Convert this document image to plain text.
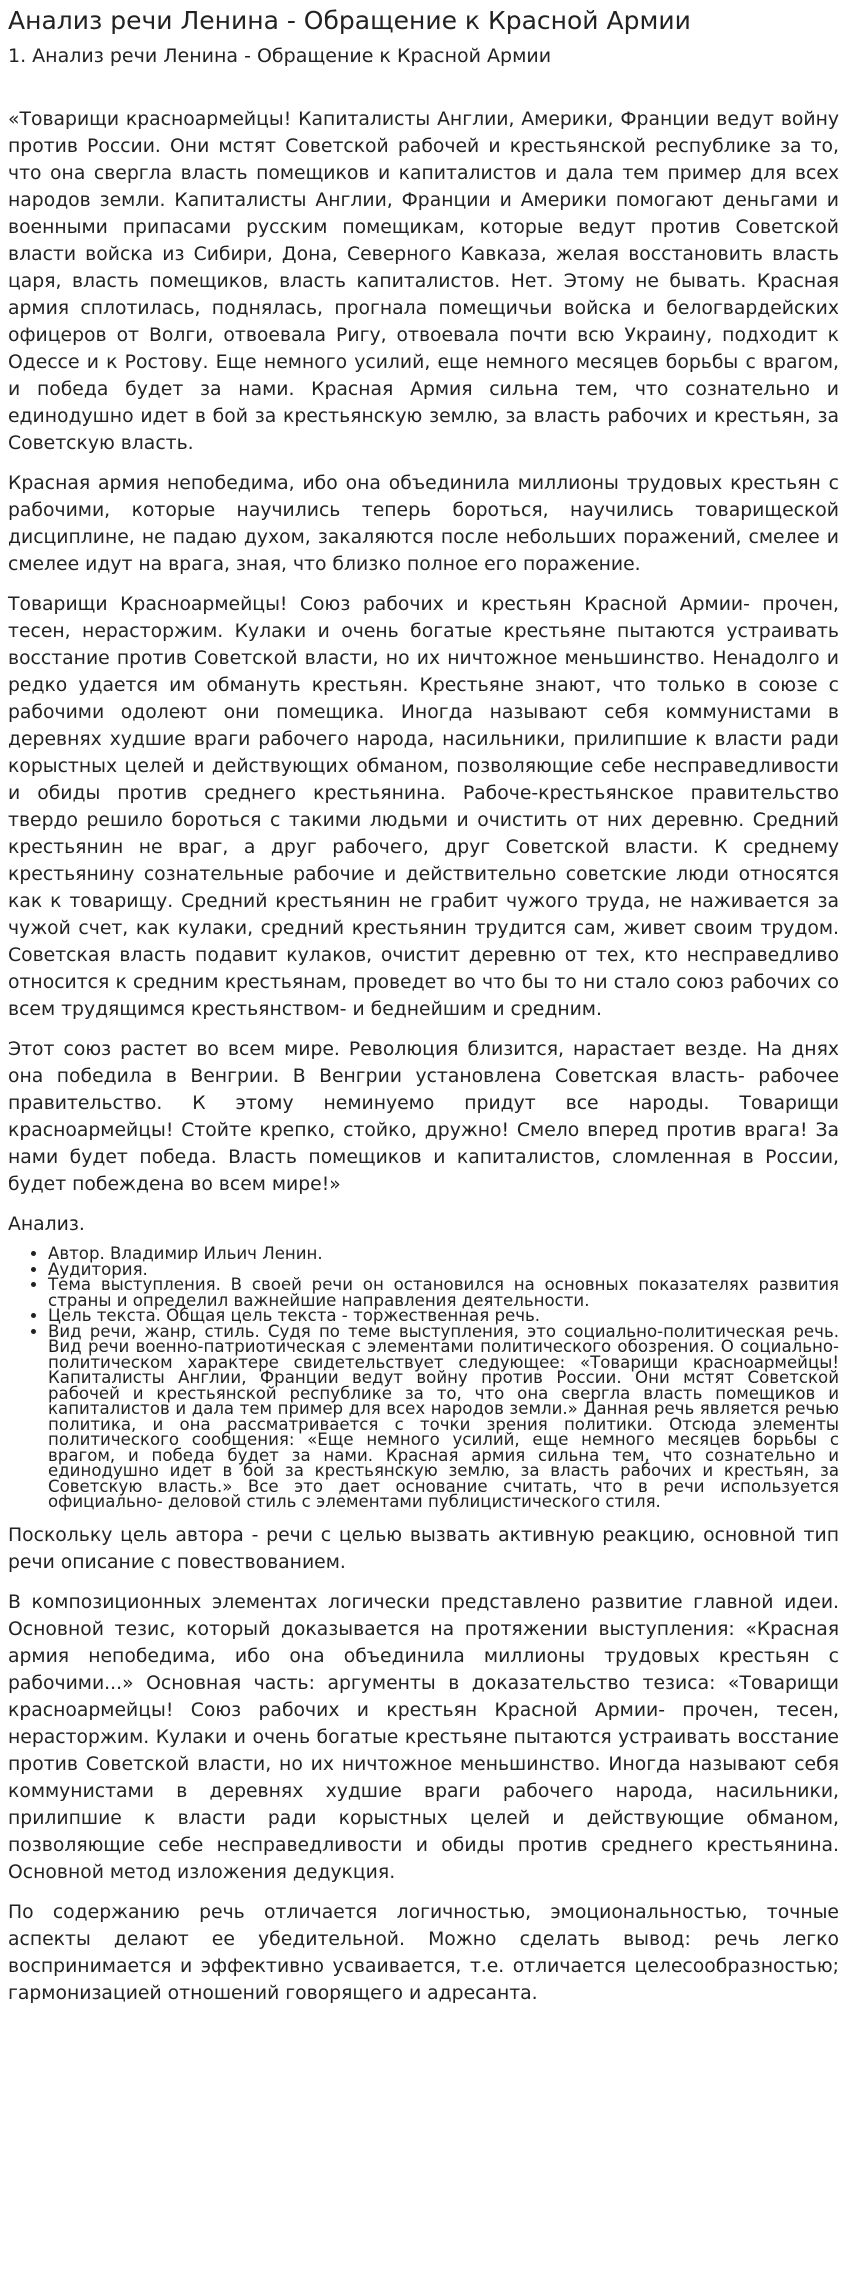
Анализ речи Ленина - Обращение к Красной Армии
1. Анализ речи Ленина - Обращение к Красной Армии

«Товарищи красноармейцы! Капиталисты Англии, Америки, Франции ведут войну против России. Они мстят Советской рабочей и крестьянской республике за то, что она свергла власть помещиков и капиталистов и дала тем пример для всех народов земли. Капиталисты Англии, Франции и Америки помогают деньгами и военными припасами русским помещикам, которые ведут против Советской власти войска из Сибири, Дона, Северного Кавказа, желая восстановить власть царя, власть помещиков, власть капиталистов. Нет. Этому не бывать. Красная армия сплотилась, поднялась, прогнала помещичьи войска и белогвардейских офицеров от Волги, отвоевала Ригу, отвоевала почти всю Украину, подходит к Одессе и к Ростову. Еще немного усилий, еще немного месяцев борьбы с врагом, и победа будет за нами. Красная Армия сильна тем, что сознательно и единодушно идет в бой за крестьянскую землю, за власть рабочих и крестьян, за Советскую власть.

Красная армия непобедима, ибо она объединила миллионы трудовых крестьян с рабочими, которые научились теперь бороться, научились товарищеской дисциплине, не падаю духом, закаляются после небольших поражений, смелее и смелее идут на врага, зная, что близко полное его поражение.

Товарищи Красноармейцы! Союз рабочих и крестьян Красной Армии- прочен, тесен, нерасторжим. Кулаки и очень богатые крестьяне пытаются устраивать восстание против Советской власти, но их ничтожное меньшинство. Ненадолго и редко удается им обмануть крестьян. Крестьяне знают, что только в союзе с рабочими одолеют они помещика. Иногда называют себя коммунистами в деревнях худшие враги рабочего народа, насильники, прилипшие к власти ради корыстных целей и действующих обманом, позволяющие себе несправедливости и обиды против среднего крестьянина. Рабоче-крестьянское правительство твердо решило бороться с такими людьми и очистить от них деревню. Средний крестьянин не враг, а друг рабочего, друг Советской власти. К среднему крестьянину сознательные рабочие и действительно советские люди относятся как к товарищу. Средний крестьянин не грабит чужого труда, не наживается за чужой счет, как кулаки, средний крестьянин трудится сам, живет своим трудом. Советская власть подавит кулаков, очистит деревню от тех, кто несправедливо относится к средним крестьянам, проведет во что бы то ни стало союз рабочих со всем трудящимся крестьянством- и беднейшим и средним.

Этот союз растет во всем мире. Революция близится, нарастает везде. На днях она победила в Венгрии. В Венгрии установлена Советская власть- рабочее правительство. К этому неминуемо придут все народы. Товарищи красноармейцы! Стойте крепко, стойко, дружно! Смело вперед против врага! За нами будет победа. Власть помещиков и капиталистов, сломленная в России, будет побеждена во всем мире!»

Анализ.

• Автор. Владимир Ильич Ленин.
• Аудитория.
• Тема выступления. В своей речи он остановился на основных показателях развития страны и определил важнейшие направления деятельности.
• Цель текста. Общая цель текста - торжественная речь.
• Вид речи, жанр, стиль. Судя по теме выступления, это социально-политическая речь. Вид речи военно-патриотическая с элементами политического обозрения. О социально-политическом характере свидетельствует следующее: «Товарищи красноармейцы! Капиталисты Англии, Франции ведут войну против России. Они мстят Советской рабочей и крестьянской республике за то, что она свергла власть помещиков и капиталистов и дала тем пример для всех народов земли.» Данная речь является речью политика, и она рассматривается с точки зрения политики. Отсюда элементы политического сообщения: «Еще немного усилий, еще немного месяцев борьбы с врагом, и победа будет за нами. Красная армия сильна тем, что сознательно и единодушно идет в бой за крестьянскую землю, за власть рабочих и крестьян, за Советскую власть.» Все это дает основание считать, что в речи используется официально- деловой стиль с элементами публицистического стиля.

Поскольку цель автора - речи с целью вызвать активную реакцию, основной тип речи описание с повествованием.

В композиционных элементах логически представлено развитие главной идеи. Основной тезис, который доказывается на протяжении выступления: «Красная армия непобедима, ибо она объединила миллионы трудовых крестьян с рабочими...» Основная часть: аргументы в доказательство тезиса: «Товарищи красноармейцы! Союз рабочих и крестьян Красной Армии- прочен, тесен, нерасторжим. Кулаки и очень богатые крестьяне пытаются устраивать восстание против Советской власти, но их ничтожное меньшинство. Иногда называют себя коммунистами в деревнях худшие враги рабочего народа, насильники, прилипшие к власти ради корыстных целей и действующие обманом, позволяющие себе несправедливости и обиды против среднего крестьянина. Основной метод изложения дедукция.

По содержанию речь отличается логичностью, эмоциональностью, точные аспекты делают ее убедительной. Можно сделать вывод: речь легко воспринимается и эффективно усваивается, т.е. отличается целесообразностью; гармонизацией отношений говорящего и адресанта.
